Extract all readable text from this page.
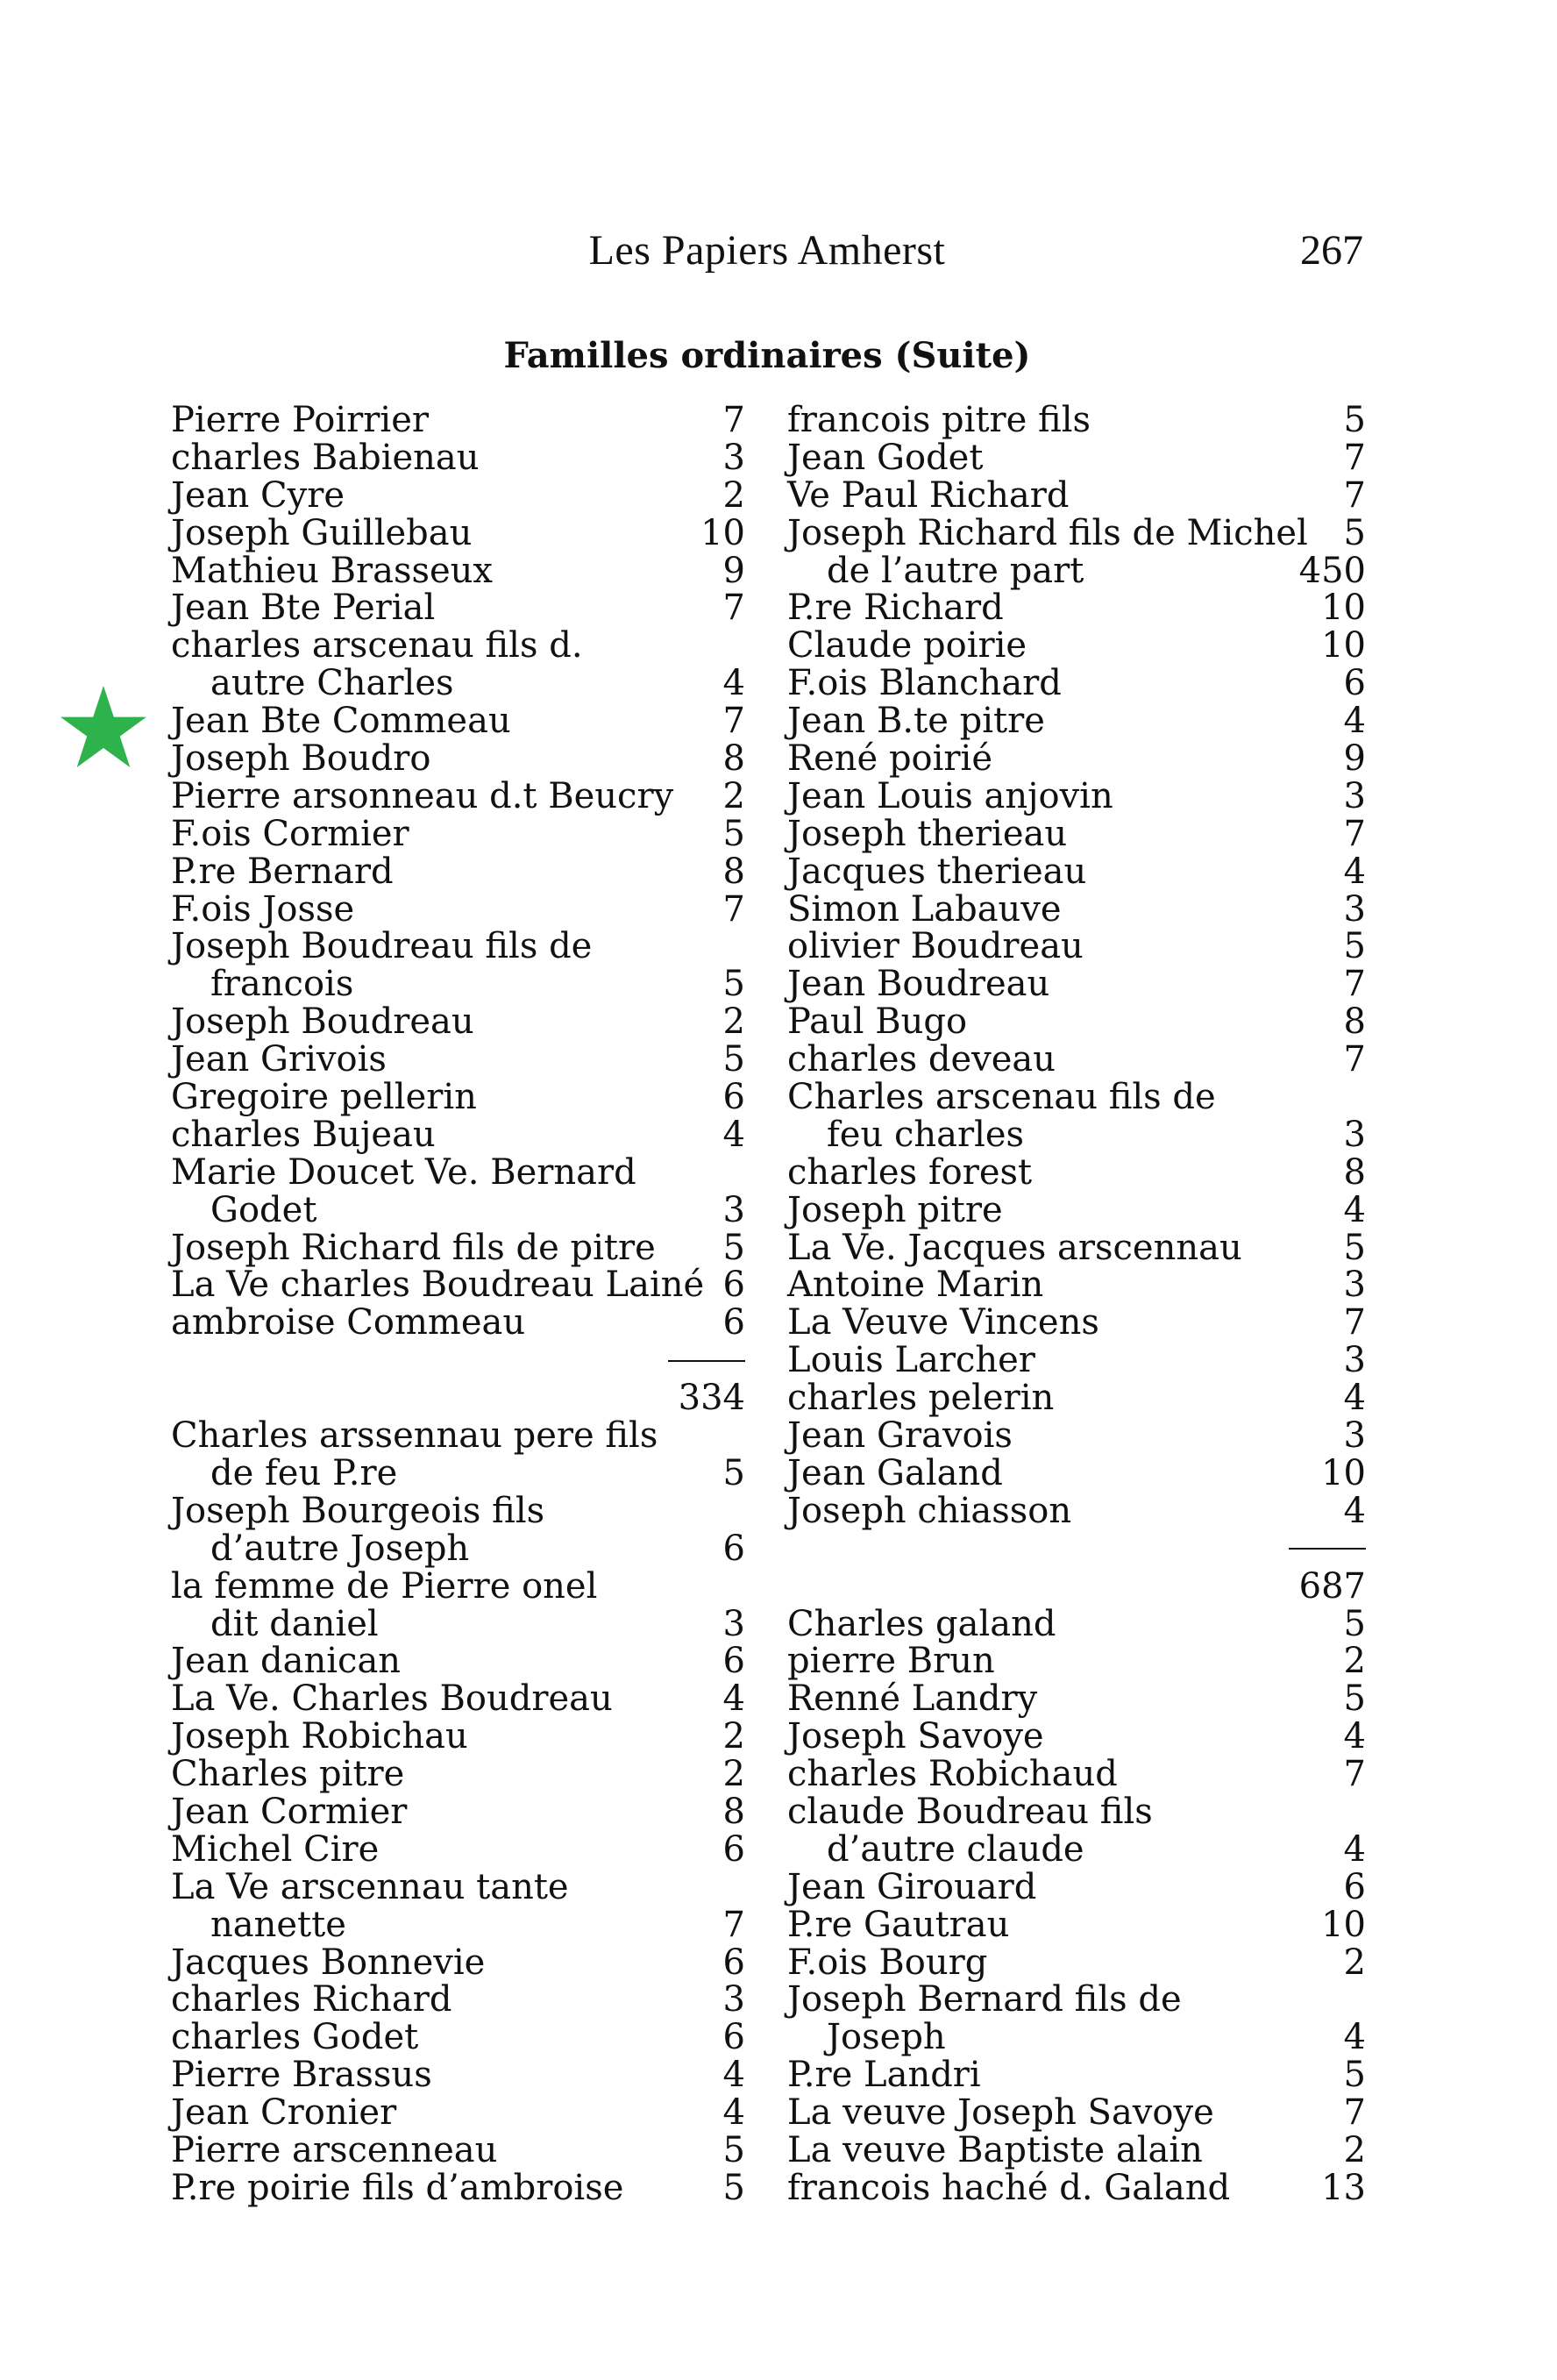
Les Papiers Amherst	267
Familles ordinaires (Suite)
Pierre Poirrier	7
charles Babienau	3
Jean Cyre	2
Joseph Guillebau	10
Mathieu Brasseux	9
Jean Bte Perial	7
charles arscenau fils d.
autre Charles	4
Jean Bte Commeau	7
Joseph Boudro	8
Pierre arsonneau d.t Beucry	2
F.ois Cormier	5
P.re Bernard	8
F.ois Josse	7
Joseph Boudreau fils de
francois	5
Joseph Boudreau	2
Jean Grivois	5
Gregoire pellerin	6
charles Bujeau	4
Marie Doucet Ve. Bernard
Godet	3
Joseph Richard fils de pitre	5
La Ve charles Boudreau Lainé 6
ambroise Commeau	6
334
Charles arssennau pere fils
de feu P.re	5
Joseph Bourgeois fils
d’autre Joseph	6
la femme de Pierre onel
dit daniel	3
Jean danican	6
La Ve. Charles Boudreau	4
Joseph Robichau	2
Charles pitre	2
Jean Cormier	8
Michel Cire	6
La Ve arscennau tante
nanette	7
Jacques Bonnevie	6
charles Richard	3
charles Godet	6
Pierre Brassus	4
Jean Cronier	4
Pierre arscenneau	5
P.re poirie fils d’ambroise	5
francois pitre fils	5
Jean Godet	7
Ve Paul Richard	7
Joseph Richard fils de Michel	5
de l’autre part	450
P.re Richard	10
Claude poirie	10
F.ois Blanchard	6
Jean B.te pitre	4
René poirié	9
Jean Louis anjovin	3
Joseph therieau	7
Jacques therieau	4
Simon Labauve	3
olivier Boudreau	5
Jean Boudreau	7
Paul Bugo	8
charles deveau	7
Charles arscenau fils de
feu charles	3
charles forest	8
Joseph pitre	4
La Ve. Jacques arscennau	5
Antoine Marin	3
La Veuve Vincens	7
Louis Larcher	3
charles pelerin	4
Jean Gravois	3
Jean Galand	10
Joseph chiasson	4
687
Charles galand	5
pierre Brun	2
Renné Landry	5
Joseph Savoye	4
charles Robichaud	7
claude Boudreau fils
d’autre claude	4
Jean Girouard	6
P.re Gautrau	10
F.ois Bourg	2
Joseph Bernard fils de
Joseph	4
P.re Landri	5
La veuve Joseph Savoye	7
La veuve Baptiste alain	2
francois haché d. Galand	13
